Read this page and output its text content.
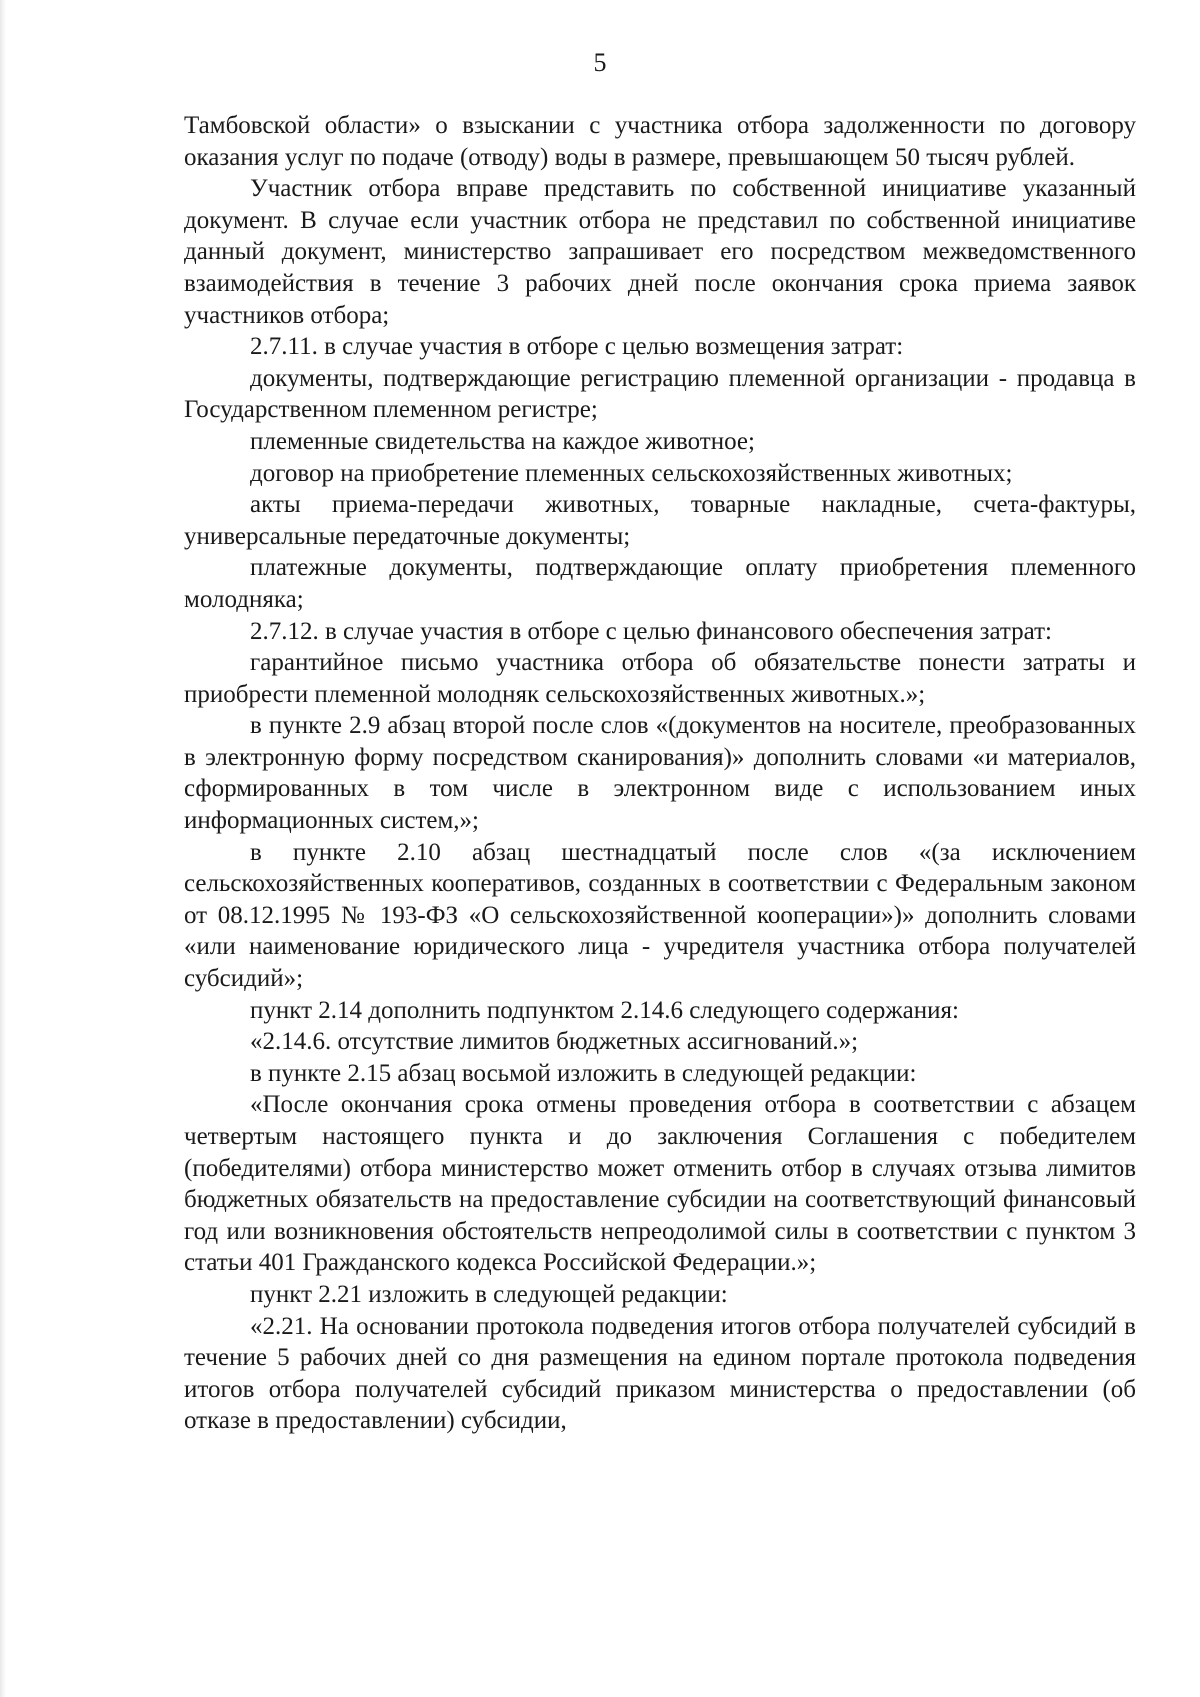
5

Тамбовской области» о взыскании с участника отбора задолженности по договору оказания услуг по подаче (отводу) воды в размере, превышающем 50 тысяч рублей.

Участник отбора вправе представить по собственной инициативе указанный документ. В случае если участник отбора не представил по собственной инициативе данный документ, министерство запрашивает его посредством межведомственного взаимодействия в течение 3 рабочих дней после окончания срока приема заявок участников отбора;

2.7.11. в случае участия в отборе с целью возмещения затрат:

документы, подтверждающие регистрацию племенной организации - продавца в Государственном племенном регистре;

племенные свидетельства на каждое животное;

договор на приобретение племенных сельскохозяйственных животных;

акты приема-передачи животных, товарные накладные, счета-фактуры, универсальные передаточные документы;

платежные документы, подтверждающие оплату приобретения племенного молодняка;

2.7.12. в случае участия в отборе с целью финансового обеспечения затрат:

гарантийное письмо участника отбора об обязательстве понести затраты и приобрести племенной молодняк сельскохозяйственных животных.»;

в пункте 2.9 абзац второй после слов «(документов на носителе, преобразованных в электронную форму посредством сканирования)» дополнить словами «и материалов, сформированных в том числе в электронном виде с использованием иных информационных систем,»;

в пункте 2.10 абзац шестнадцатый после слов «(за исключением сельскохозяйственных кооперативов, созданных в соответствии с Федеральным законом от 08.12.1995 № 193-ФЗ «О сельскохозяйственной кооперации»)» дополнить словами «или наименование юридического лица - учредителя участника отбора получателей субсидий»;

пункт 2.14 дополнить подпунктом 2.14.6 следующего содержания:

«2.14.6. отсутствие лимитов бюджетных ассигнований.»;

в пункте 2.15 абзац восьмой изложить в следующей редакции:

«После окончания срока отмены проведения отбора в соответствии с абзацем четвертым настоящего пункта и до заключения Соглашения с победителем (победителями) отбора министерство может отменить отбор в случаях отзыва лимитов бюджетных обязательств на предоставление субсидии на соответствующий финансовый год или возникновения обстоятельств непреодолимой силы в соответствии с пунктом 3 статьи 401 Гражданского кодекса Российской Федерации.»;

пункт 2.21 изложить в следующей редакции:

«2.21. На основании протокола подведения итогов отбора получателей субсидий в течение 5 рабочих дней со дня размещения на едином портале протокола подведения итогов отбора получателей субсидий приказом министерства о предоставлении (об отказе в предоставлении) субсидии,
